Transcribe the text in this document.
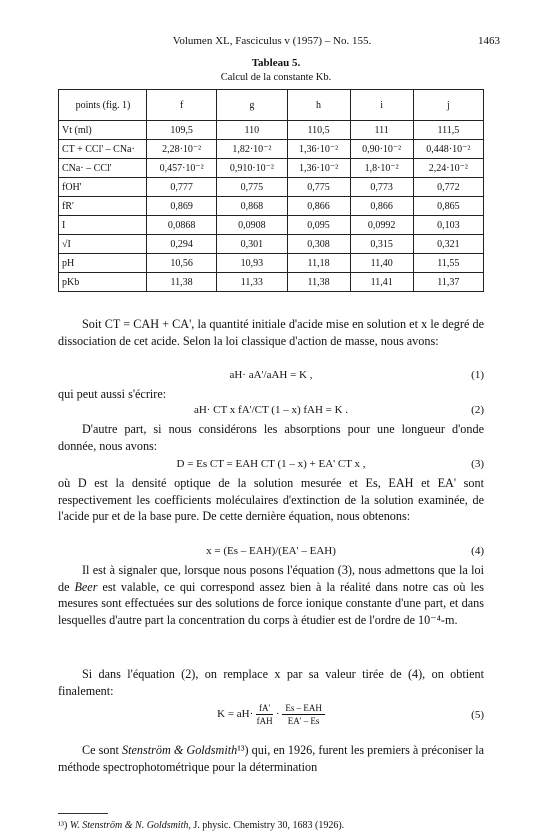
Volumen XL, Fasciculus v (1957) – No. 155.	1463
Tableau 5.
Calcul de la constante Kb.
points (fig. 1)	f	g	h	i	j
Vt (ml)	109,5	110	110,5	111	111,5
CT + CCl' – CNa·	2,28·10⁻²	1,82·10⁻²	1,36·10⁻²	0,90·10⁻²	0,448·10⁻²
CNa· – CCl'	0,457·10⁻²	0,910·10⁻²	1,36·10⁻²	1,8·10⁻²	2,24·10⁻²
fOH'	0,777	0,775	0,775	0,773	0,772
fR'	0,869	0,868	0,866	0,866	0,865
I	0,0868	0,0908	0,095	0,0992	0,103
√I	0,294	0,301	0,308	0,315	0,321
pH	10,56	10,93	11,18	11,40	11,55
pKb	11,38	11,33	11,38	11,41	11,37
Soit CT = CAH + CA', la quantité initiale d'acide mise en solution et x le degré de dissociation de cet acide. Selon la loi classique d'action de masse, nous avons:
aH· aA'/aAH = K ,	(1)
qui peut aussi s'écrire:
aH· CT x fA'/CT (1 – x) fAH = K .	(2)
D'autre part, si nous considérons les absorptions pour une longueur d'onde donnée, nous avons:
D = Es CT = EAH CT (1 – x) + EA' CT x ,	(3)
où D est la densité optique de la solution mesurée et Es, EAH et EA' sont respectivement les coefficients moléculaires d'extinction de la solution examinée, de l'acide pur et de la base pure. De cette dernière équation, nous obtenons:
x = (Es – EAH)/(EA' – EAH)	(4)
Il est à signaler que, lorsque nous posons l'équation (3), nous admettons que la loi de Beer est valable, ce qui correspond assez bien à la réalité dans notre cas où les mesures sont effectuées sur des solutions de force ionique constante d'une part, et dans lesquelles d'autre part la concentration du corps à étudier est de l'ordre de 10⁻⁴-m.
Si dans l'équation (2), on remplace x par sa valeur tirée de (4), on obtient finalement:
$K = aH\cdot \frac{fA'}{\text{fAH}} \cdot \frac{\text{Es – EAH}}{EA' - Es}$	(5)
Ce sont Stenström & Goldsmith¹³) qui, en 1926, furent les premiers à préconiser la méthode spectrophotométrique pour la détermination
¹³) W. Stenström & N. Goldsmith, J. physic. Chemistry 30, 1683 (1926).
